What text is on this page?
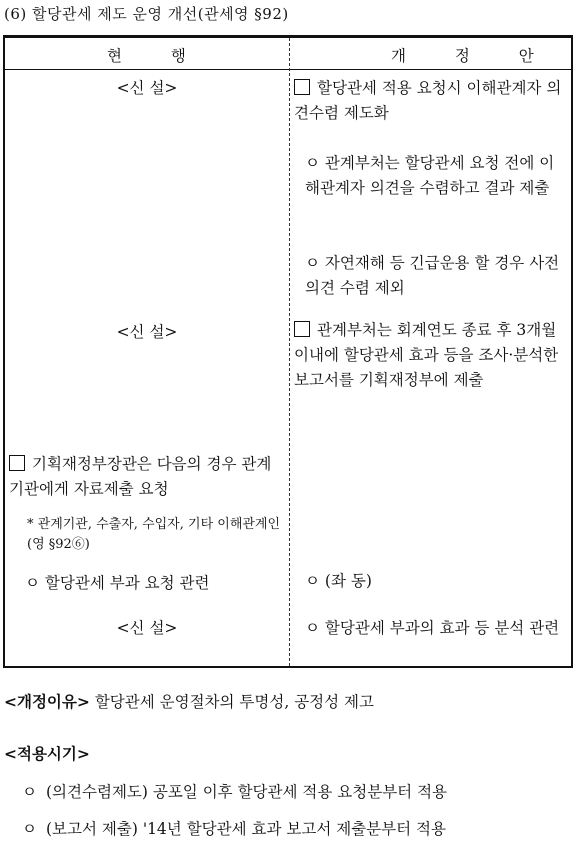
(6) 할당관세 제도 운영 개선(관세영 §92)
현 행	개 정 안
<신 설>
<신 설>
기획재정부장관은 다음의 경우 관계기관에게 자료제출 요청
* 관계기관, 수출자, 수입자, 기타 이해관계인(영 §92⑥)
ㅇ 할당관세 부과 요청 관련
<신 설>
할당관세 적용 요청시 이해관계자 의견수렴 제도화
ㅇ 관계부처는 할당관세 요청 전에 이해관계자 의견을 수렴하고 결과 제출
ㅇ 자연재해 등 긴급운용 할 경우 사전의견 수렴 제외
관계부처는 회계연도 종료 후 3개월 이내에 할당관세 효과 등을 조사·분석한 보고서를 기획재정부에 제출
ㅇ (좌 동)
ㅇ 할당관세 부과의 효과 등 분석 관련
<개정이유> 할당관세 운영절차의 투명성, 공정성 제고
<적용시기>
ㅇ (의견수렴제도) 공포일 이후 할당관세 적용 요청분부터 적용
ㅇ (보고서 제출) '14년 할당관세 효과 보고서 제출분부터 적용
